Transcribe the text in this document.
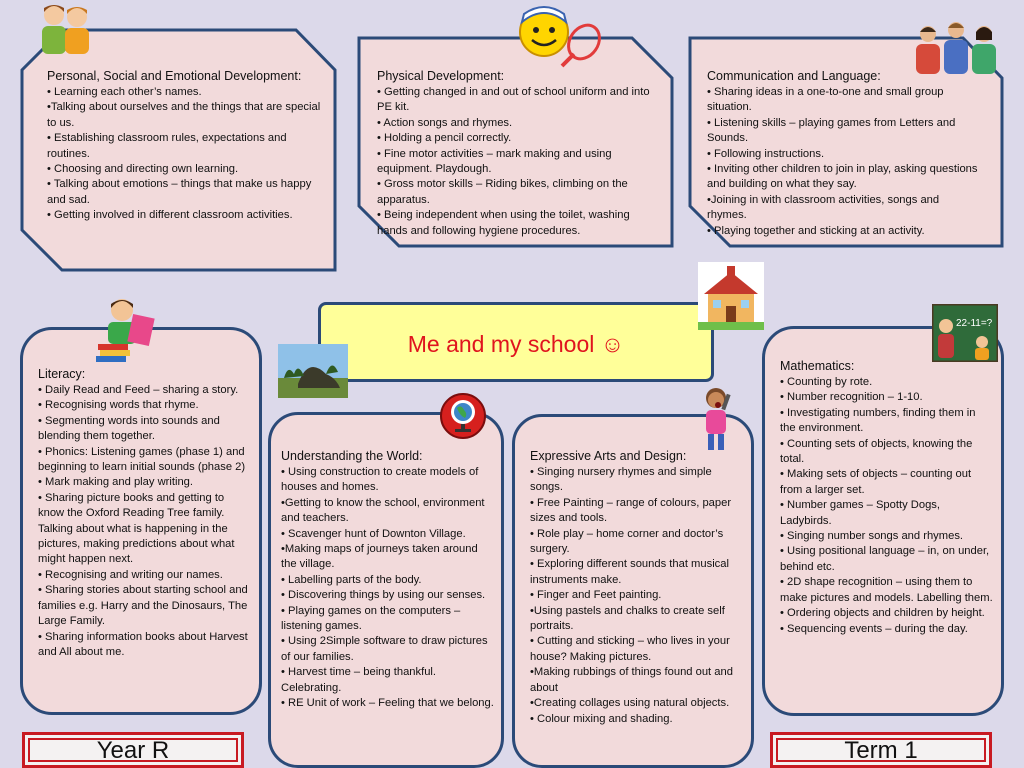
Personal, Social and Emotional Development:
• Learning each other’s names.
•Talking about ourselves and the things that are special to us.
• Establishing classroom rules, expectations and routines.
• Choosing and directing own learning.
• Talking about emotions – things that make us happy and sad.
• Getting involved in different classroom activities.
Physical Development:
• Getting changed in and out of school uniform and into PE kit.
• Action songs and rhymes.
• Holding a pencil correctly.
• Fine motor activities – mark making and using equipment. Playdough.
• Gross motor skills – Riding bikes, climbing on the apparatus.
• Being independent when using the toilet, washing hands and following hygiene procedures.
Communication and Language:
• Sharing ideas in a one-to-one and small group situation.
• Listening skills – playing games from Letters and Sounds.
• Following instructions.
• Inviting other children to join in play, asking questions and building on what they say.
•Joining in with classroom activities, songs and rhymes.
• Playing together and sticking at an activity.
Me and my school ☺
Literacy:
• Daily Read and Feed – sharing a story.
• Recognising words that rhyme.
• Segmenting words into sounds and blending them together.
• Phonics: Listening games (phase 1) and beginning to learn initial sounds (phase 2)
• Mark making and play writing.
• Sharing picture books and getting to know the Oxford Reading Tree family. Talking about what is happening in the pictures, making predictions about what might happen next.
• Recognising and writing our names.
• Sharing stories about starting school and families e.g. Harry and the Dinosaurs, The Large Family.
• Sharing information books about Harvest and All about me.
Understanding the World:
• Using construction to create models of houses and homes.
•Getting to know the school, environment and teachers.
• Scavenger hunt of Downton Village.
•Making maps of journeys taken around the village.
• Labelling parts of the body.
• Discovering things by using our senses.
• Playing games on the computers – listening games.
• Using 2Simple software to draw pictures of our families.
• Harvest time – being thankful. Celebrating.
• RE Unit of work – Feeling that we belong.
Expressive Arts and Design:
• Singing nursery rhymes and simple songs.
• Free Painting – range of colours, paper sizes and tools.
• Role play – home corner and doctor’s surgery.
• Exploring different sounds that musical instruments make.
• Finger and Feet painting.
•Using pastels and chalks to create self portraits.
• Cutting and sticking – who lives in your house? Making pictures.
•Making rubbings of things found out and about
•Creating collages using natural objects.
• Colour mixing and shading.
Mathematics:
• Counting by rote.
• Number recognition – 1-10.
• Investigating numbers, finding them in the environment.
• Counting sets of objects, knowing the total.
• Making sets of objects – counting out from a larger set.
• Number games – Spotty Dogs, Ladybirds.
• Singing number songs and rhymes.
• Using positional language – in, on under, behind etc.
• 2D shape recognition – using them to make pictures and models. Labelling them.
• Ordering objects and children by height.
• Sequencing events – during the day.
Year R	Term 1
22-11=?
